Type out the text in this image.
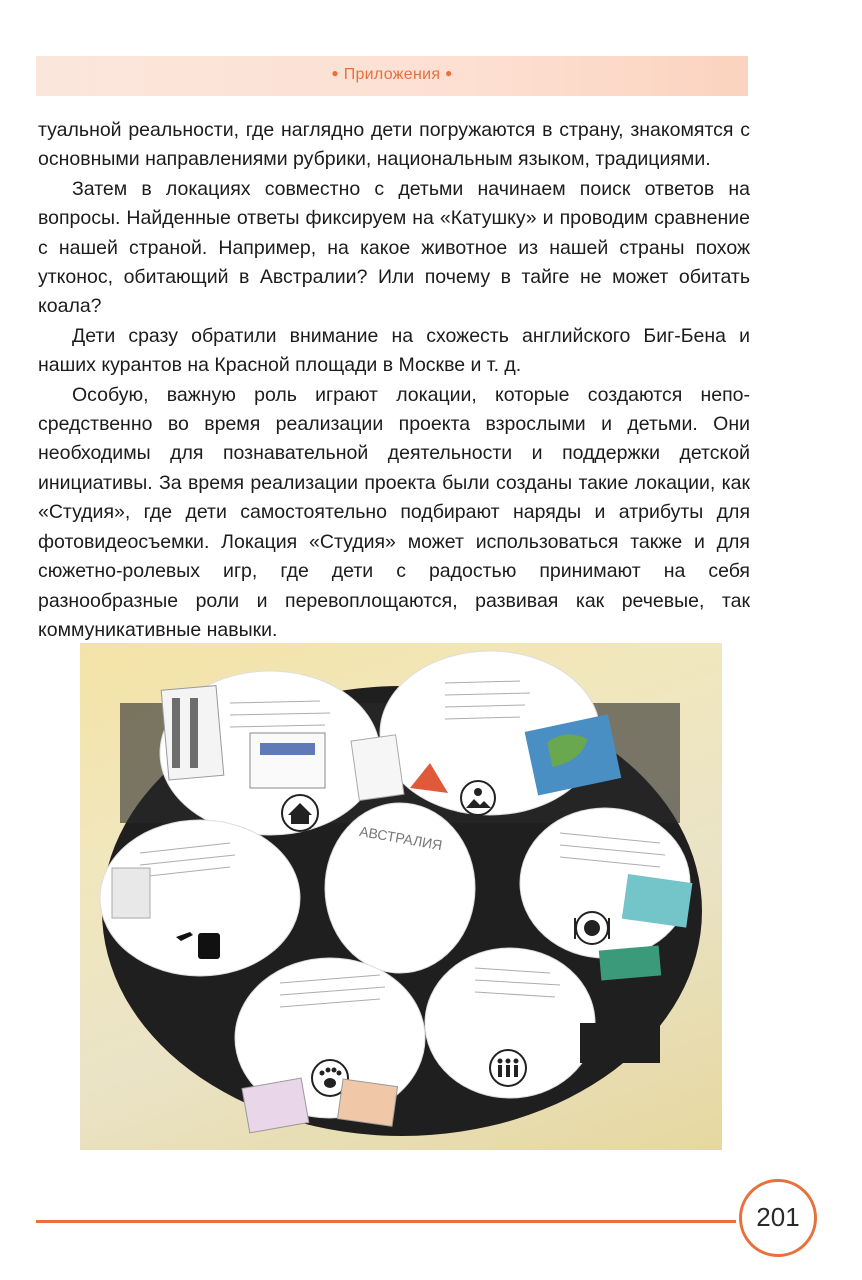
● Приложения ●

туальной реальности, где наглядно дети погружаются в страну, знакомятся с основными направлениями рубрики, национальным языком, традициями.

Затем в локациях совместно с детьми начинаем поиск ответов на вопросы. Найденные ответы фиксируем на «Катушку» и проводим сравнение с нашей страной. Например, на какое животное из нашей страны похож утконос, обитающий в Австралии? Или почему в тайге не может обитать коала?

Дети сразу обратили внимание на схожесть английского Биг-Бена и наших курантов на Красной площади в Москве и т. д.

Особую, важную роль играют локации, которые создаются непосредственно во время реализации проекта взрослыми и детьми. Они необходимы для познавательной деятельности и поддержки детской инициативы. За время реализации проекта были созданы такие локации, как «Студия», где дети самостоятельно подбирают наряды и атрибуты для фотовидеосъемки. Локация «Студия» может использоваться также и для сюжетно-ролевых игр, где дети с радостью принимают на себя разнообразные роли и перевоплощаются, развивая как речевые, так коммуникативные навыки.

АВСТРАЛИЯ
201
